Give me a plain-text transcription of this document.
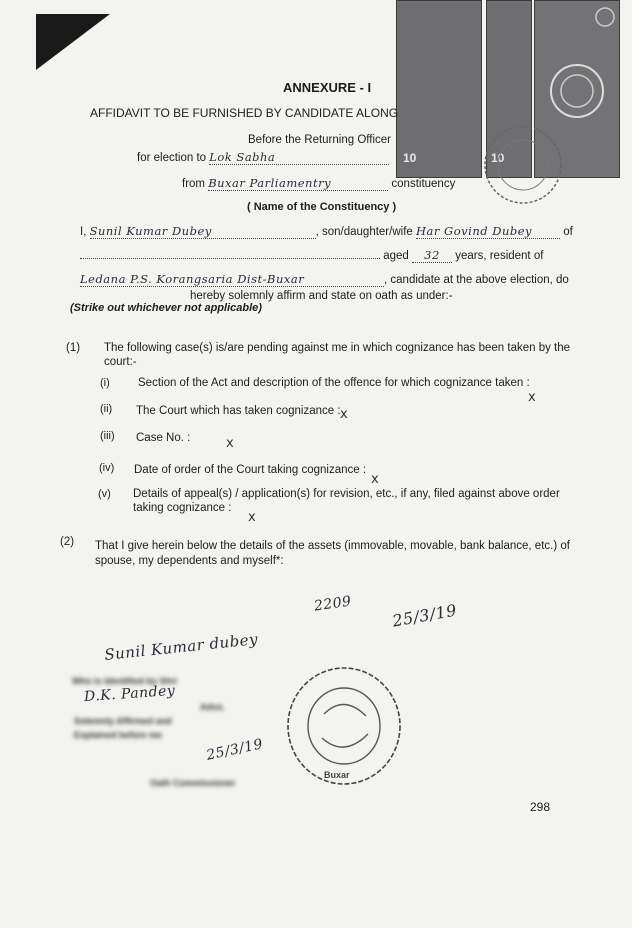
10	10
ANNEXURE - I
AFFIDAVIT TO BE FURNISHED BY CANDIDATE ALONG
Before the Returning Officer
for election to Lok Sabha
from Buxar Parliamentry	constituency
( Name of the Constituency )
I, Sunil Kumar Dubey	, son/daughter/wife Har Govind Dubey	of
aged 32 years, resident of
Ledana P.S. Korangsaria Dist-Buxar	, candidate at the above election, do
hereby solemnly affirm and state on oath as under:-
(Strike out whichever not applicable)
(1) The following case(s) is/are pending against me in which cognizance has been taken by the
court:-
(i) Section of the Act and description of the offence for which cognizance taken :
x
(ii) The Court which has taken cognizance : x
(iii) Case No. :	x
(iv) Date of order of the Court taking cognizance :
x
(v) Details of appeal(s) / application(s) for revision, etc., if any, filed against above order
taking cognizance :
x
(2) That I give herein below the details of the assets (immovable, movable, bank balance, etc.) of
spouse, my dependents and myself*:
2209 25/3/19
Sunil Kumar dubey
Who is identified by Shri
D.K. Pandey
Advo.
Solemnly Affirmed and
Explained before me
25/3/19
Oath Commissioner
Buxar
298
